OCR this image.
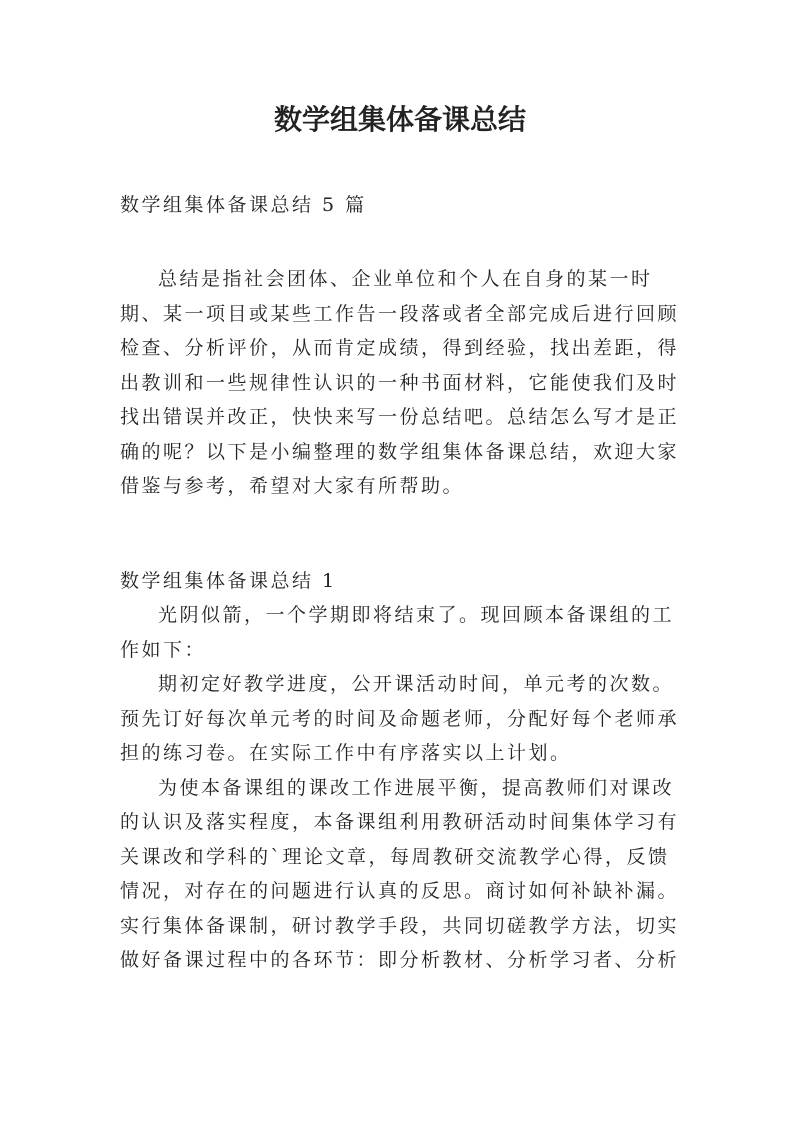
数学组集体备课总结
数学组集体备课总结 5 篇

总结是指社会团体、企业单位和个人在自身的某一时期、某一项目或某些工作告一段落或者全部完成后进行回顾检查、分析评价，从而肯定成绩，得到经验，找出差距，得出教训和一些规律性认识的一种书面材料，它能使我们及时找出错误并改正，快快来写一份总结吧。总结怎么写才是正确的呢？以下是小编整理的数学组集体备课总结，欢迎大家借鉴与参考，希望对大家有所帮助。

数学组集体备课总结 1

光阴似箭，一个学期即将结束了。现回顾本备课组的工作如下：

期初定好教学进度，公开课活动时间，单元考的次数。预先订好每次单元考的时间及命题老师，分配好每个老师承担的练习卷。在实际工作中有序落实以上计划。

为使本备课组的课改工作进展平衡，提高教师们对课改的认识及落实程度，本备课组利用教研活动时间集体学习有关课改和学科的`理论文章，每周教研交流教学心得，反馈情况，对存在的问题进行认真的反思。商讨如何补缺补漏。实行集体备课制，研讨教学手段，共同切磋教学方法，切实做好备课过程中的各环节：即分析教材、分析学习者、分析
